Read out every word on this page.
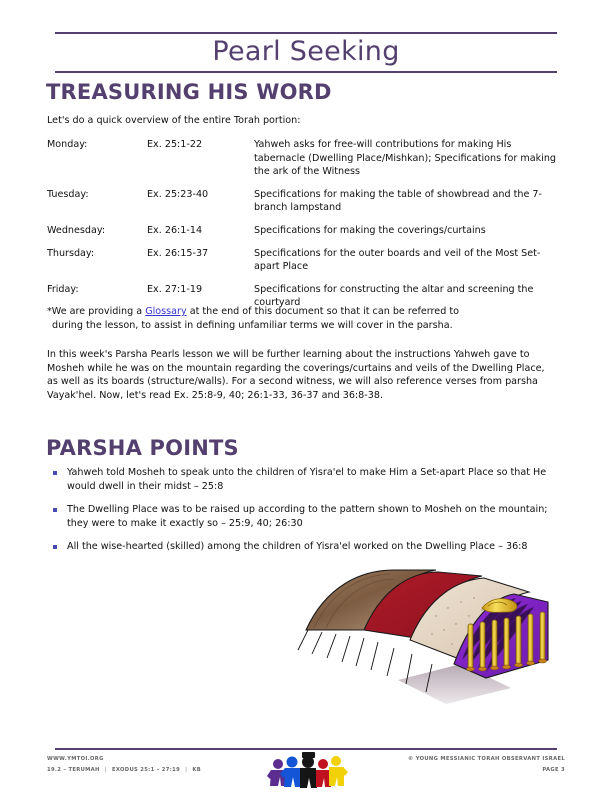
Pearl Seeking
TREASURING HIS WORD
Let's do a quick overview of the entire Torah portion:
Monday:	Ex. 25:1-22	Yahweh asks for free-will contributions for making His tabernacle (Dwelling Place/Mishkan); Specifications for making the ark of the Witness
Tuesday:	Ex. 25:23-40	Specifications for making the table of showbread and the 7-branch lampstand
Wednesday:	Ex. 26:1-14	Specifications for making the coverings/curtains
Thursday:	Ex. 26:15-37	Specifications for the outer boards and veil of the Most Set-apart Place
Friday:	Ex. 27:1-19	Specifications for constructing the altar and screening the courtyard
*We are providing a Glossary at the end of this document so that it can be referred to
during the lesson, to assist in defining unfamiliar terms we will cover in the parsha.
In this week's Parsha Pearls lesson we will be further learning about the instructions Yahweh gave to Mosheh while he was on the mountain regarding the coverings/curtains and veils of the Dwelling Place, as well as its boards (structure/walls). For a second witness, we will also reference verses from parsha Vayak'hel. Now, let's read Ex. 25:8-9, 40; 26:1-33, 36-37 and 36:8-38.
PARSHA POINTS
Yahweh told Mosheh to speak unto the children of Yisra'el to make Him a Set-apart Place so that He would dwell in their midst – 25:8
The Dwelling Place was to be raised up according to the pattern shown to Mosheh on the mountain; they were to make it exactly so – 25:9, 40; 26:30
All the wise-hearted (skilled) among the children of Yisra'el worked on the Dwelling Place – 36:8
WWW.YMTOI.ORG
19.2 – TERUMAH | EXODUS 25:1 – 27:19 | KB
© YOUNG MESSIANIC TORAH OBSERVANT ISRAEL
PAGE 3
